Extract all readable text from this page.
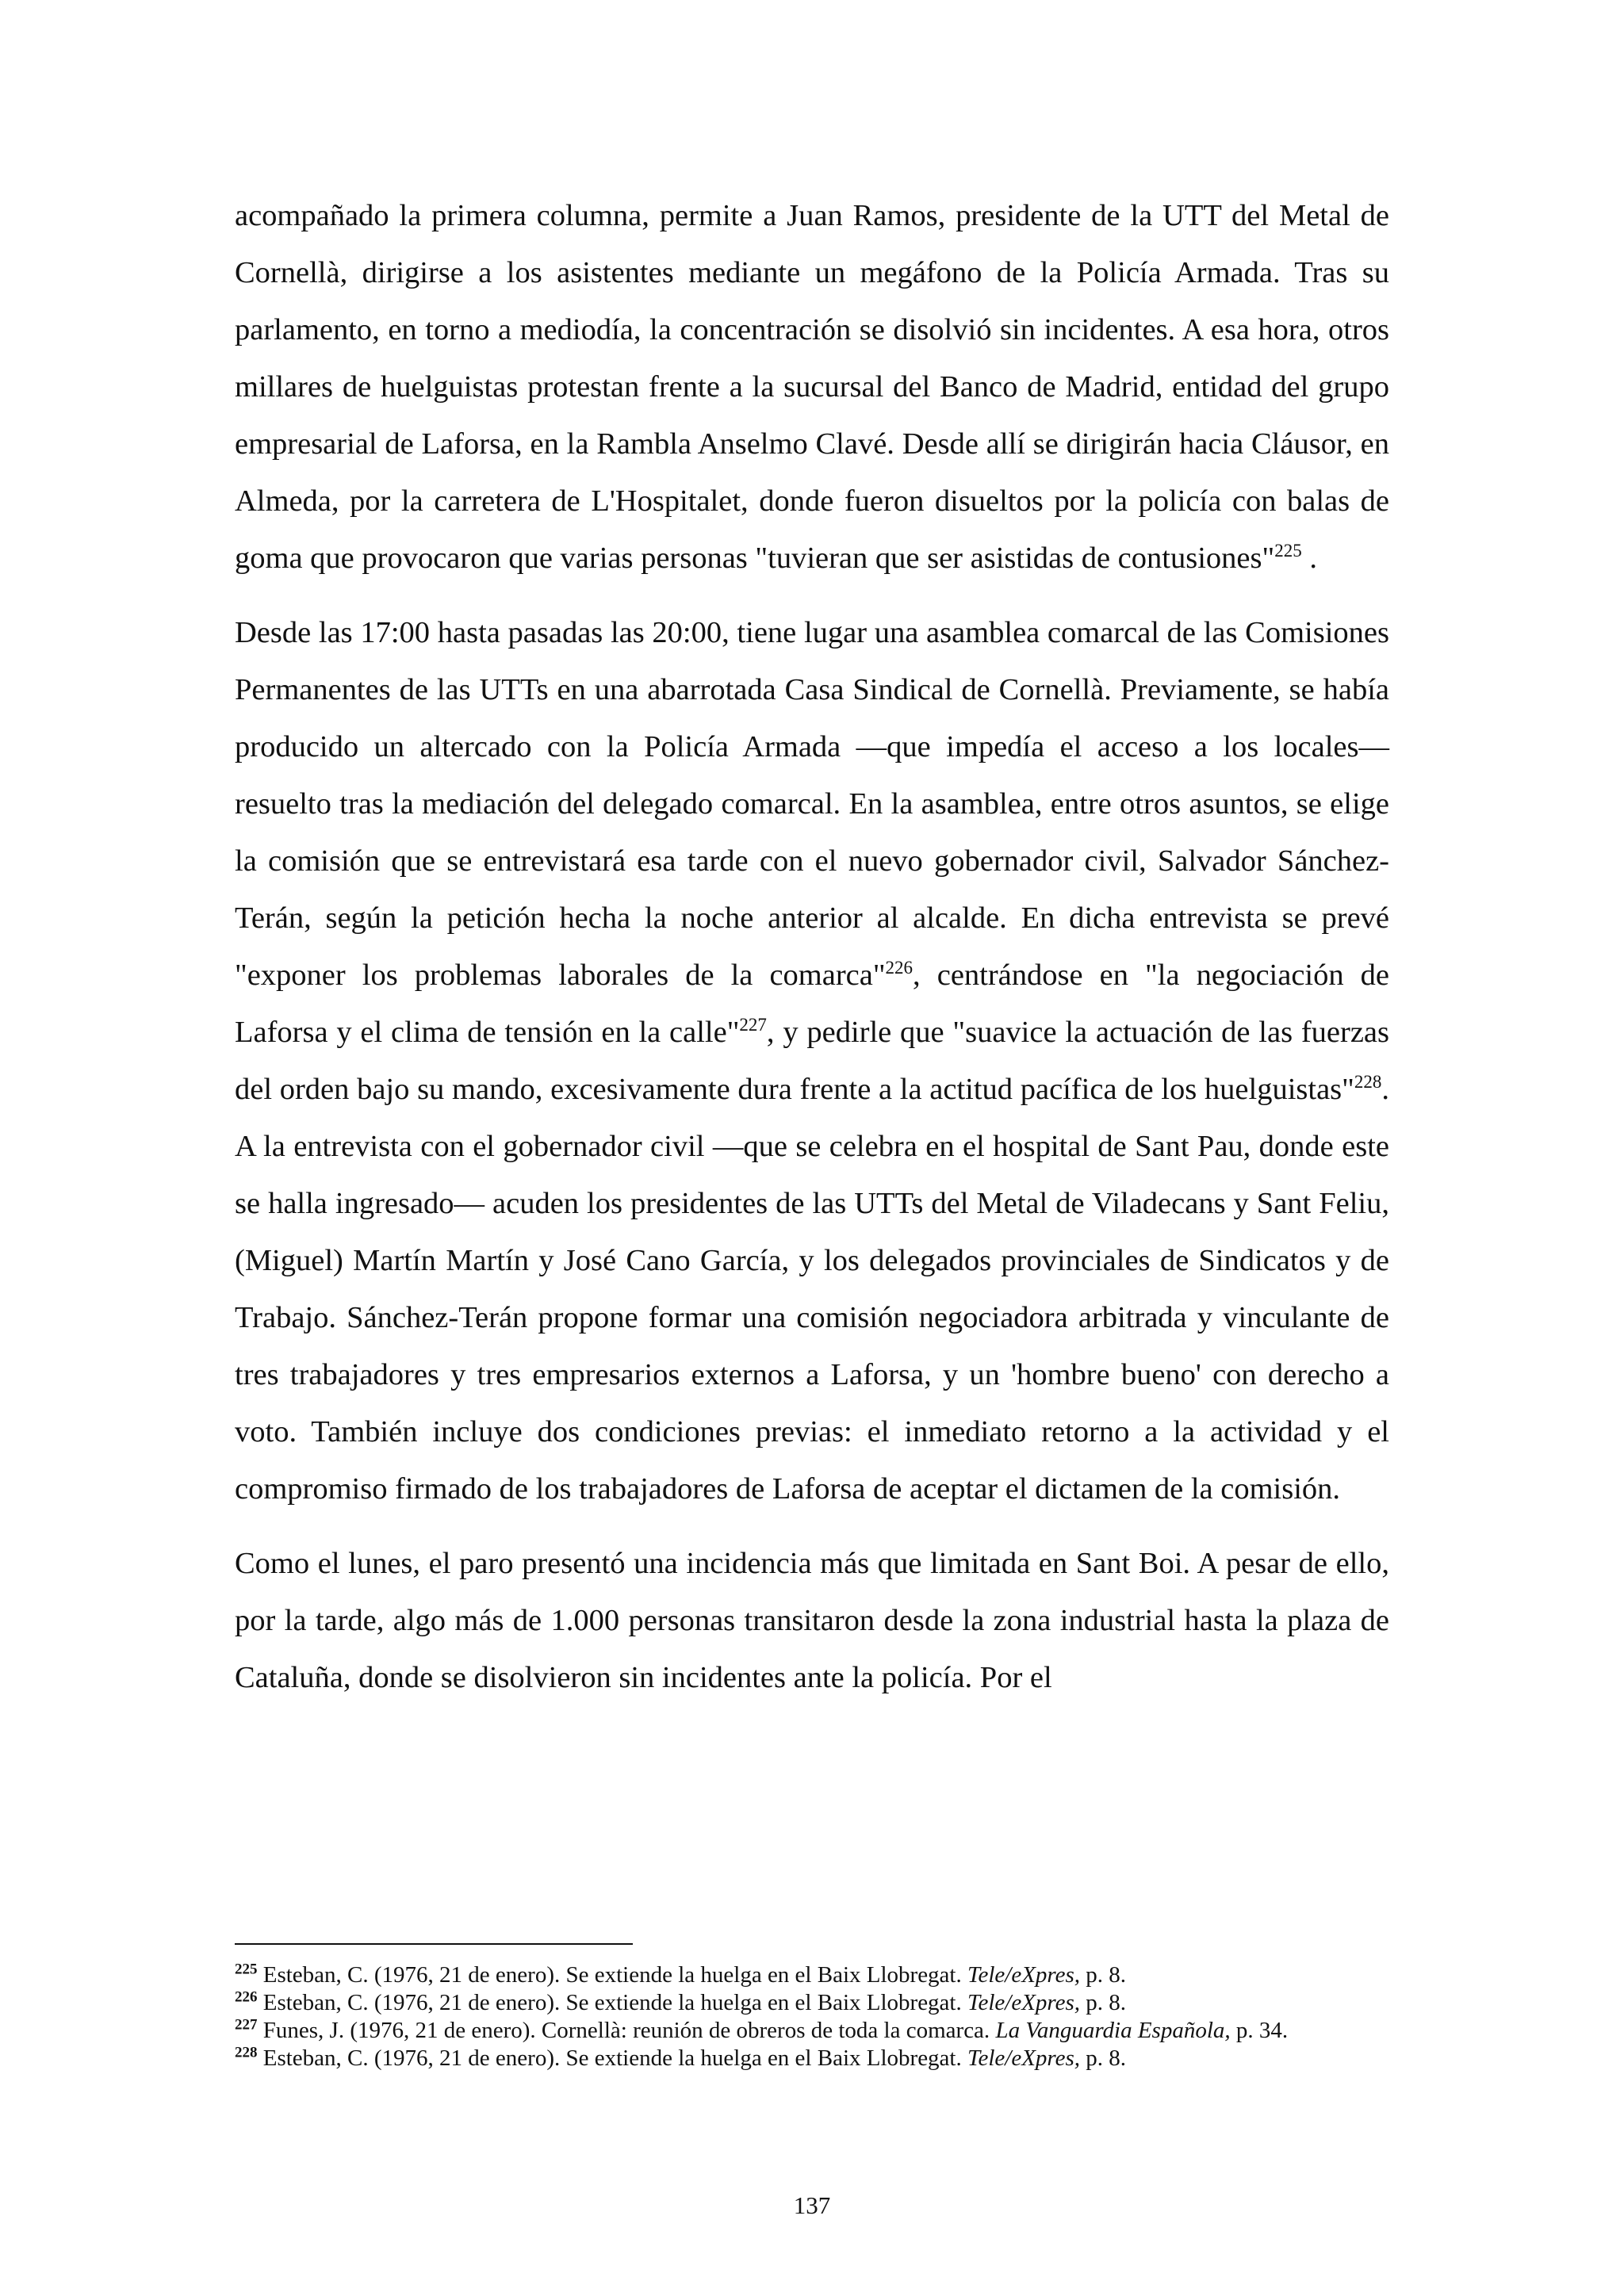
acompañado la primera columna, permite a Juan Ramos, presidente de la UTT del Metal de Cornellà, dirigirse a los asistentes mediante un megáfono de la Policía Armada. Tras su parlamento, en torno a mediodía, la concentración se disolvió sin incidentes. A esa hora, otros millares de huelguistas protestan frente a la sucursal del Banco de Madrid, entidad del grupo empresarial de Laforsa, en la Rambla Anselmo Clavé. Desde allí se dirigirán hacia Cláusor, en Almeda, por la carretera de L'Hospitalet, donde fueron disueltos por la policía con balas de goma que provocaron que varias personas "tuvieran que ser asistidas de contusiones"$^{225}$ .

Desde las 17:00 hasta pasadas las 20:00, tiene lugar una asamblea comarcal de las Comisiones Permanentes de las UTTs en una abarrotada Casa Sindical de Cornellà. Previamente, se había producido un altercado con la Policía Armada —que impedía el acceso a los locales— resuelto tras la mediación del delegado comarcal. En la asamblea, entre otros asuntos, se elige la comisión que se entrevistará esa tarde con el nuevo gobernador civil, Salvador Sánchez-Terán, según la petición hecha la noche anterior al alcalde. En dicha entrevista se prevé "exponer los problemas laborales de la comarca"$^{226}$, centrándose en "la negociación de Laforsa y el clima de tensión en la calle"$^{227}$, y pedirle que "suavice la actuación de las fuerzas del orden bajo su mando, excesivamente dura frente a la actitud pacífica de los huelguistas"$^{228}$. A la entrevista con el gobernador civil —que se celebra en el hospital de Sant Pau, donde este se halla ingresado— acuden los presidentes de las UTTs del Metal de Viladecans y Sant Feliu, (Miguel) Martín Martín y José Cano García, y los delegados provinciales de Sindicatos y de Trabajo. Sánchez-Terán propone formar una comisión negociadora arbitrada y vinculante de tres trabajadores y tres empresarios externos a Laforsa, y un 'hombre bueno' con derecho a voto. También incluye dos condiciones previas: el inmediato retorno a la actividad y el compromiso firmado de los trabajadores de Laforsa de aceptar el dictamen de la comisión.

Como el lunes, el paro presentó una incidencia más que limitada en Sant Boi. A pesar de ello, por la tarde, algo más de 1.000 personas transitaron desde la zona industrial hasta la plaza de Cataluña, donde se disolvieron sin incidentes ante la policía. Por el

$^{225}$ Esteban, C. (1976, 21 de enero). Se extiende la huelga en el Baix Llobregat. Tele/eXpres, p. 8.

$^{226}$ Esteban, C. (1976, 21 de enero). Se extiende la huelga en el Baix Llobregat. Tele/eXpres, p. 8.

$^{227}$ Funes, J. (1976, 21 de enero). Cornellà: reunión de obreros de toda la comarca. La Vanguardia Española, p. 34.

$^{228}$ Esteban, C. (1976, 21 de enero). Se extiende la huelga en el Baix Llobregat. Tele/eXpres, p. 8.

137
